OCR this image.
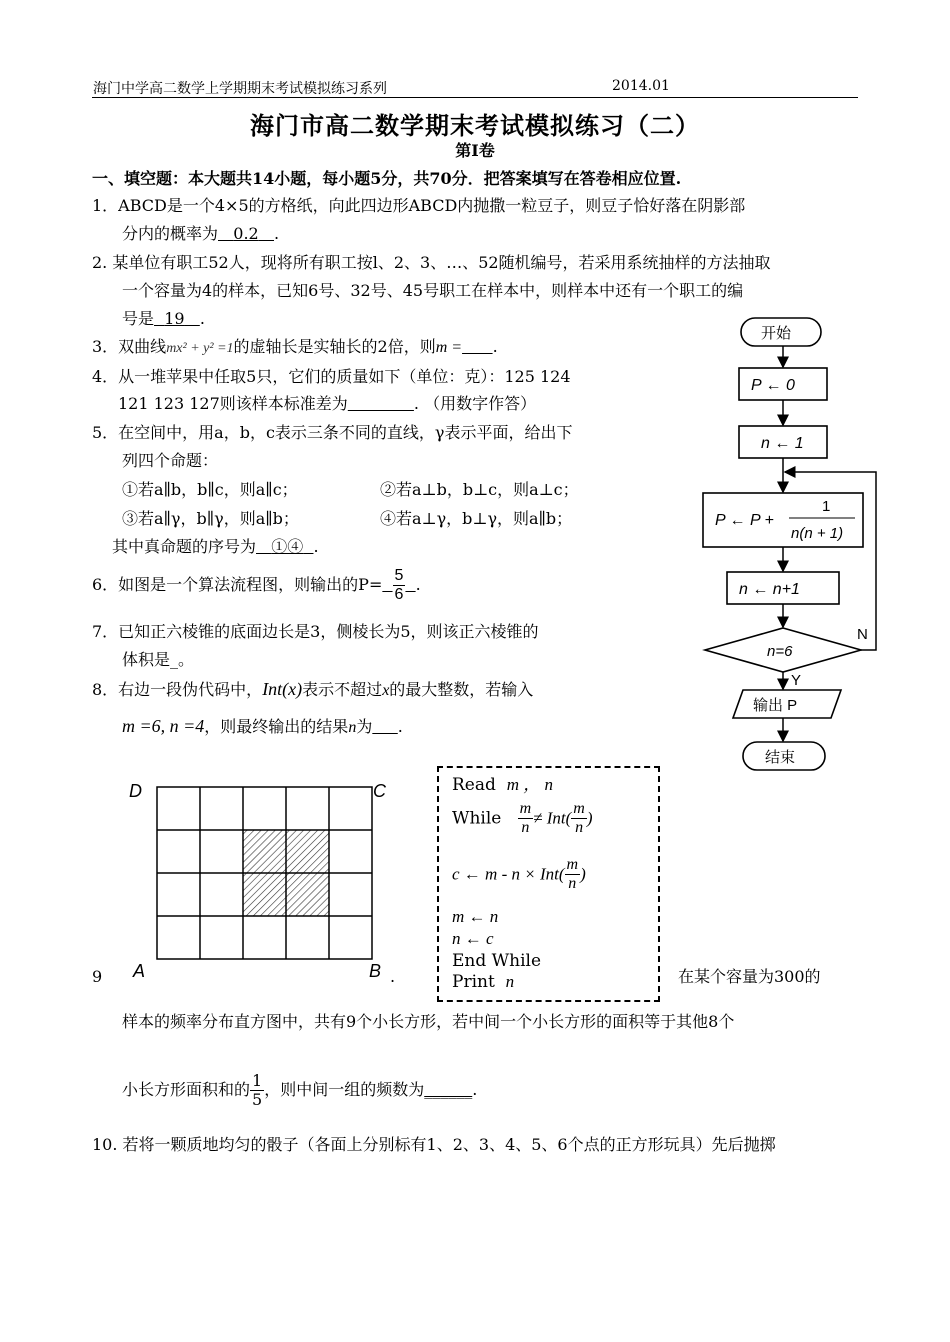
海门中学高二数学上学期期末考试模拟练习系列	2014.01
海门市高二数学期末考试模拟练习（二）
第Ⅰ卷
一、填空题：本大题共14小题，每小题5分，共70分．把答案填写在答卷相应位置.
1．ABCD是一个4×5的方格纸，向此四边形ABCD内抛撒一粒豆子，则豆子恰好落在阴影部
分内的概率为 0.2 .
2. 某单位有职工52人，现将所有职工按l、2、3、…、52随机编号，若采用系统抽样的方法抽取
一个容量为4的样本，已知6号、32号、45号职工在样本中，则样本中还有一个职工的编
号是 19 .
3．双曲线mx² + y² =1的虚轴长是实轴长的2倍，则m = .
4．从一堆苹果中任取5只，它们的质量如下（单位：克）：125 124
121 123 127则该样本标准差为	. （用数字作答）
5．在空间中，用a，b，c表示三条不同的直线，γ表示平面，给出下
列四个命题：
①若a∥b，b∥c，则a∥c；	②若a⊥b，b⊥c，则a⊥c；
③若a∥γ，b∥γ，则a∥b；	④若a⊥γ，b⊥γ，则a∥b；
其中真命题的序号为 ①④ .
6．如图是一个算法流程图，则输出的$P= \frac{5}{6}$ .
7．已知正六棱锥的底面边长是3，侧棱长为5，则该正六棱锥的
体积是_。
8．右边一段伪代码中，Int(x)表示不超过x的最大整数，若输入
m =6, n =4，则最终输出的结果n为 .
D	C
A	B
9	.	在某个容量为300的
Read m ， n
While $\frac{m}{n} \ne Int( \frac{m}{n}$ )
c ← $m - n \times Int( \frac{m}{n}$ )
m ← n
n ← c
End While
Print n
样本的频率分布直方图中，共有9个小长方形，若中间一个小长方形的面积等于其他8个
小长方形面积和的 $\frac{1}{5}$ ，则中间一组的频数为______.
10. 若将一颗质地均匀的骰子（各面上分别标有1、2、3、4、5、6个点的正方形玩具）先后抛掷
开始
P ← 0
n ← 1
P ← P +
1
n(n + 1)
n ← n+1
n=6
N
Y
输出 P
结束
